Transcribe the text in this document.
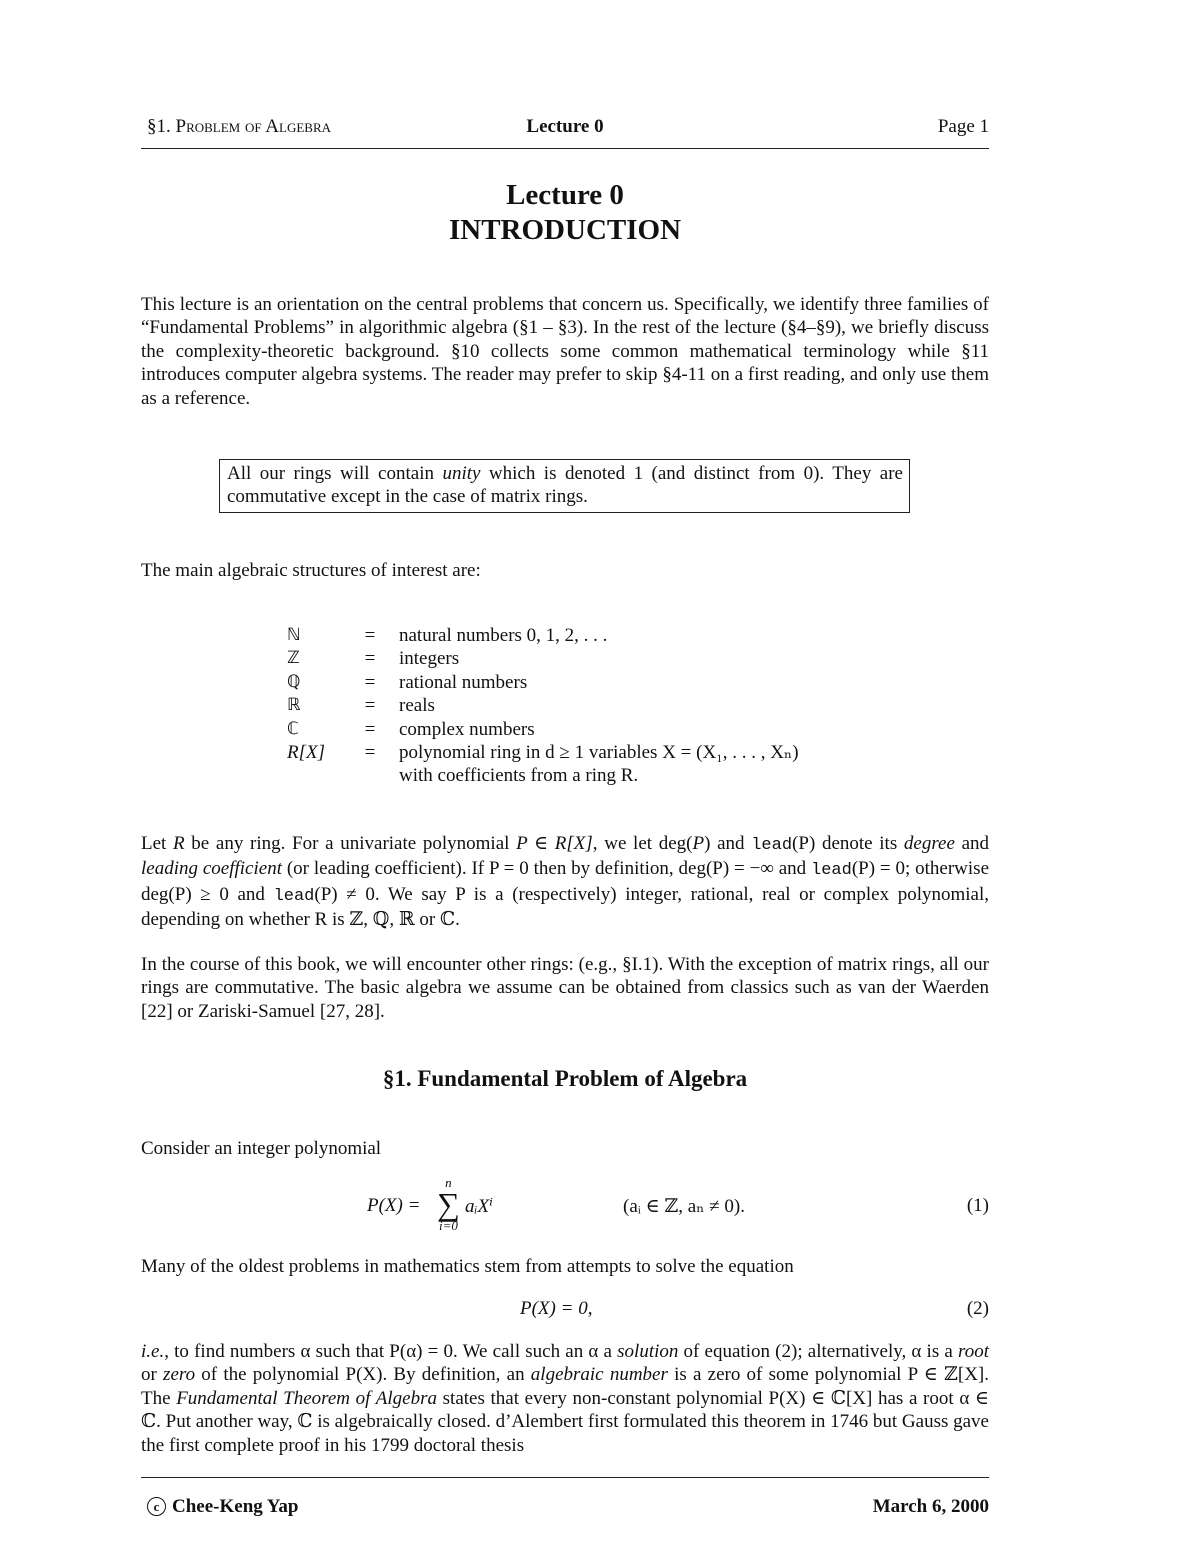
§1. Problem of Algebra	Lecture 0	Page 1
Lecture 0
INTRODUCTION
This lecture is an orientation on the central problems that concern us. Specifically, we identify three families of “Fundamental Problems” in algorithmic algebra (§1 – §3). In the rest of the lecture (§4–§9), we briefly discuss the complexity-theoretic background. §10 collects some common mathematical terminology while §11 introduces computer algebra systems. The reader may prefer to skip §4-11 on a first reading, and only use them as a reference.
All our rings will contain unity which is denoted 1 (and distinct from 0). They are commutative except in the case of matrix rings.
The main algebraic structures of interest are:
ℕ	=	natural numbers 0, 1, 2, . . .
ℤ	=	integers
ℚ	=	rational numbers
ℝ	=	reals
ℂ	=	complex numbers
R[X]	=	polynomial ring in d ≥ 1 variables X = (X₁, . . . , Xₙ)
with coefficients from a ring R.
Let R be any ring. For a univariate polynomial P ∈ R[X], we let deg(P) and lead(P) denote its degree and leading coefficient (or leading coefficient). If P = 0 then by definition, deg(P) = −∞ and lead(P) = 0; otherwise deg(P) ≥ 0 and lead(P) ≠ 0. We say P is a (respectively) integer, rational, real or complex polynomial, depending on whether R is ℤ, ℚ, ℝ or ℂ.
In the course of this book, we will encounter other rings: (e.g., §I.1). With the exception of matrix rings, all our rings are commutative. The basic algebra we assume can be obtained from classics such as van der Waerden [22] or Zariski-Samuel [27, 28].
§1. Fundamental Problem of Algebra
Consider an integer polynomial
P(X) =
n
∑
i=0
aᵢXⁱ	(aᵢ ∈ ℤ, aₙ ≠ 0).	(1)
Many of the oldest problems in mathematics stem from attempts to solve the equation
P(X) = 0,	(2)
i.e., to find numbers α such that P(α) = 0. We call such an α a solution of equation (2); alternatively, α is a root or zero of the polynomial P(X). By definition, an algebraic number is a zero of some polynomial P ∈ ℤ[X]. The Fundamental Theorem of Algebra states that every non-constant polynomial P(X) ∈ ℂ[X] has a root α ∈ ℂ. Put another way, ℂ is algebraically closed. d’Alembert first formulated this theorem in 1746 but Gauss gave the first complete proof in his 1799 doctoral thesis
c Chee-Keng Yap	March 6, 2000
